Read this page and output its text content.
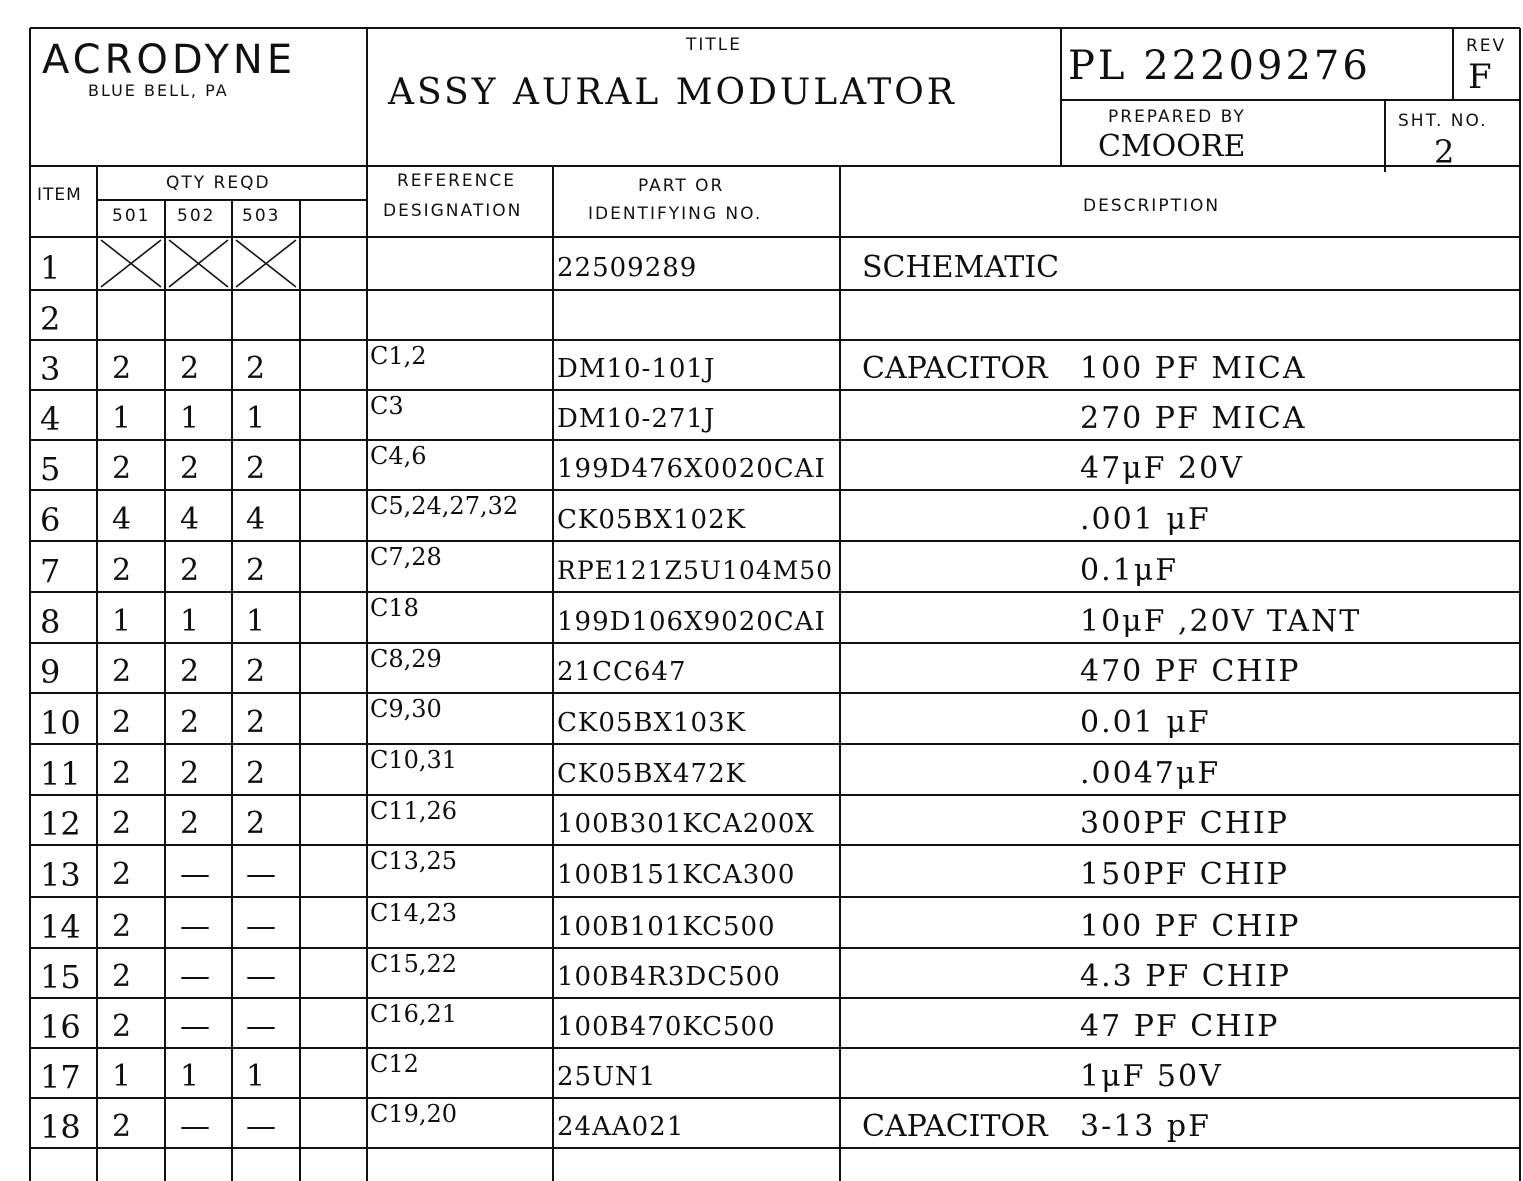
ACRODYNE
BLUE BELL, PA
TITLE
ASSY AURAL MODULATOR
PL 22209276	REV
F
PREPARED BY
CMOORE
SHT. NO.
2
ITEM
QTY REQD
501 502 503
REFERENCE
DESIGNATION
PART OR
IDENTIFYING NO.	DESCRIPTION
1	22509289	SCHEMATIC
2
3 2 2 2	C1,2	DM10-101J	CAPACITOR 100 PF MICA
4 1 1 1	C3	DM10-271J	270 PF MICA
5 2 2 2	C4,6	199D476X0020CAI	47μF 20V
6 4 4 4	C5,24,27,32 CK05BX102K	.001 μF
7 2 2 2	C7,28	RPE121Z5U104M50	0.1μF
8 1 1 1	C18	199D106X9020CAI	10μF ,20V TANT
9 2 2 2	C8,29	21CC647	470 PF CHIP
10 2 2 2	C9,30	CK05BX103K	0.01 μF
11 2 2 2	C10,31	CK05BX472K	.0047μF
12 2 2 2	C11,26	100B301KCA200X	300PF CHIP
13 2 — —	C13,25	100B151KCA300	150PF CHIP
14 2 — —	C14,23	100B101KC500	100 PF CHIP
15 2 — —	C15,22	100B4R3DC500	4.3 PF CHIP
16 2 — —	C16,21	100B470KC500	47 PF CHIP
17 1 1 1	C12	25UN1	1μF 50V
18 2 — —	C19,20	24AA021	CAPACITOR 3-13 pF
